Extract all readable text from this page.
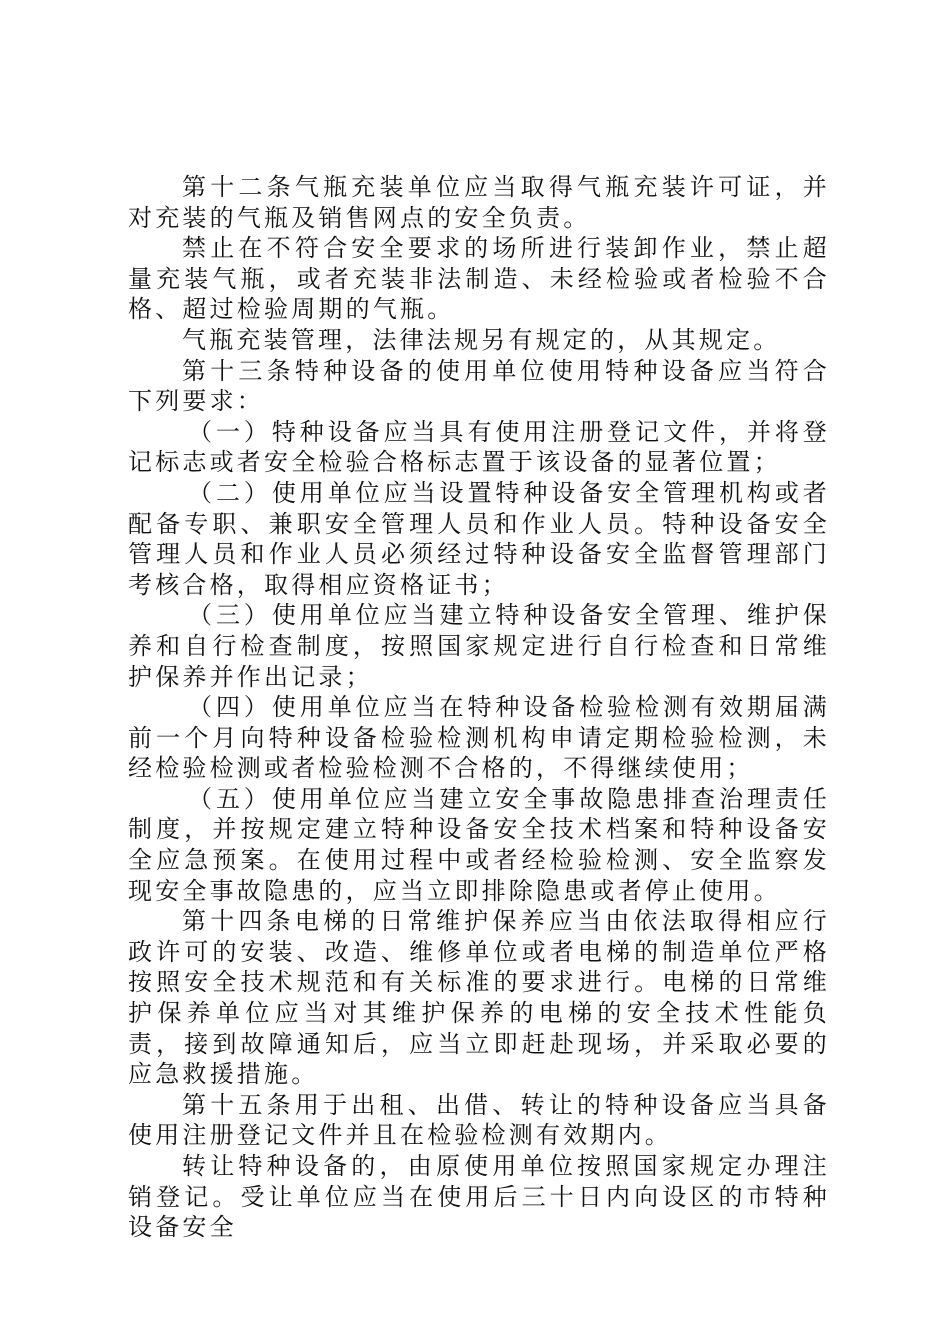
第十二条气瓶充装单位应当取得气瓶充装许可证，并对充装的气瓶及销售网点的安全负责。

禁止在不符合安全要求的场所进行装卸作业，禁止超量充装气瓶，或者充装非法制造、未经检验或者检验不合格、超过检验周期的气瓶。

气瓶充装管理，法律法规另有规定的，从其规定。

第十三条特种设备的使用单位使用特种设备应当符合下列要求：

（一）特种设备应当具有使用注册登记文件，并将登记标志或者安全检验合格标志置于该设备的显著位置；

（二）使用单位应当设置特种设备安全管理机构或者配备专职、兼职安全管理人员和作业人员。特种设备安全管理人员和作业人员必须经过特种设备安全监督管理部门考核合格，取得相应资格证书；

（三）使用单位应当建立特种设备安全管理、维护保养和自行检查制度，按照国家规定进行自行检查和日常维护保养并作出记录；

（四）使用单位应当在特种设备检验检测有效期届满前一个月向特种设备检验检测机构申请定期检验检测，未经检验检测或者检验检测不合格的，不得继续使用；

（五）使用单位应当建立安全事故隐患排查治理责任制度，并按规定建立特种设备安全技术档案和特种设备安全应急预案。在使用过程中或者经检验检测、安全监察发现安全事故隐患的，应当立即排除隐患或者停止使用。

第十四条电梯的日常维护保养应当由依法取得相应行政许可的安装、改造、维修单位或者电梯的制造单位严格按照安全技术规范和有关标准的要求进行。电梯的日常维护保养单位应当对其维护保养的电梯的安全技术性能负责，接到故障通知后，应当立即赶赴现场，并采取必要的应急救援措施。

第十五条用于出租、出借、转让的特种设备应当具备使用注册登记文件并且在检验检测有效期内。

转让特种设备的，由原使用单位按照国家规定办理注销登记。受让单位应当在使用后三十日内向设区的市特种设备安全
